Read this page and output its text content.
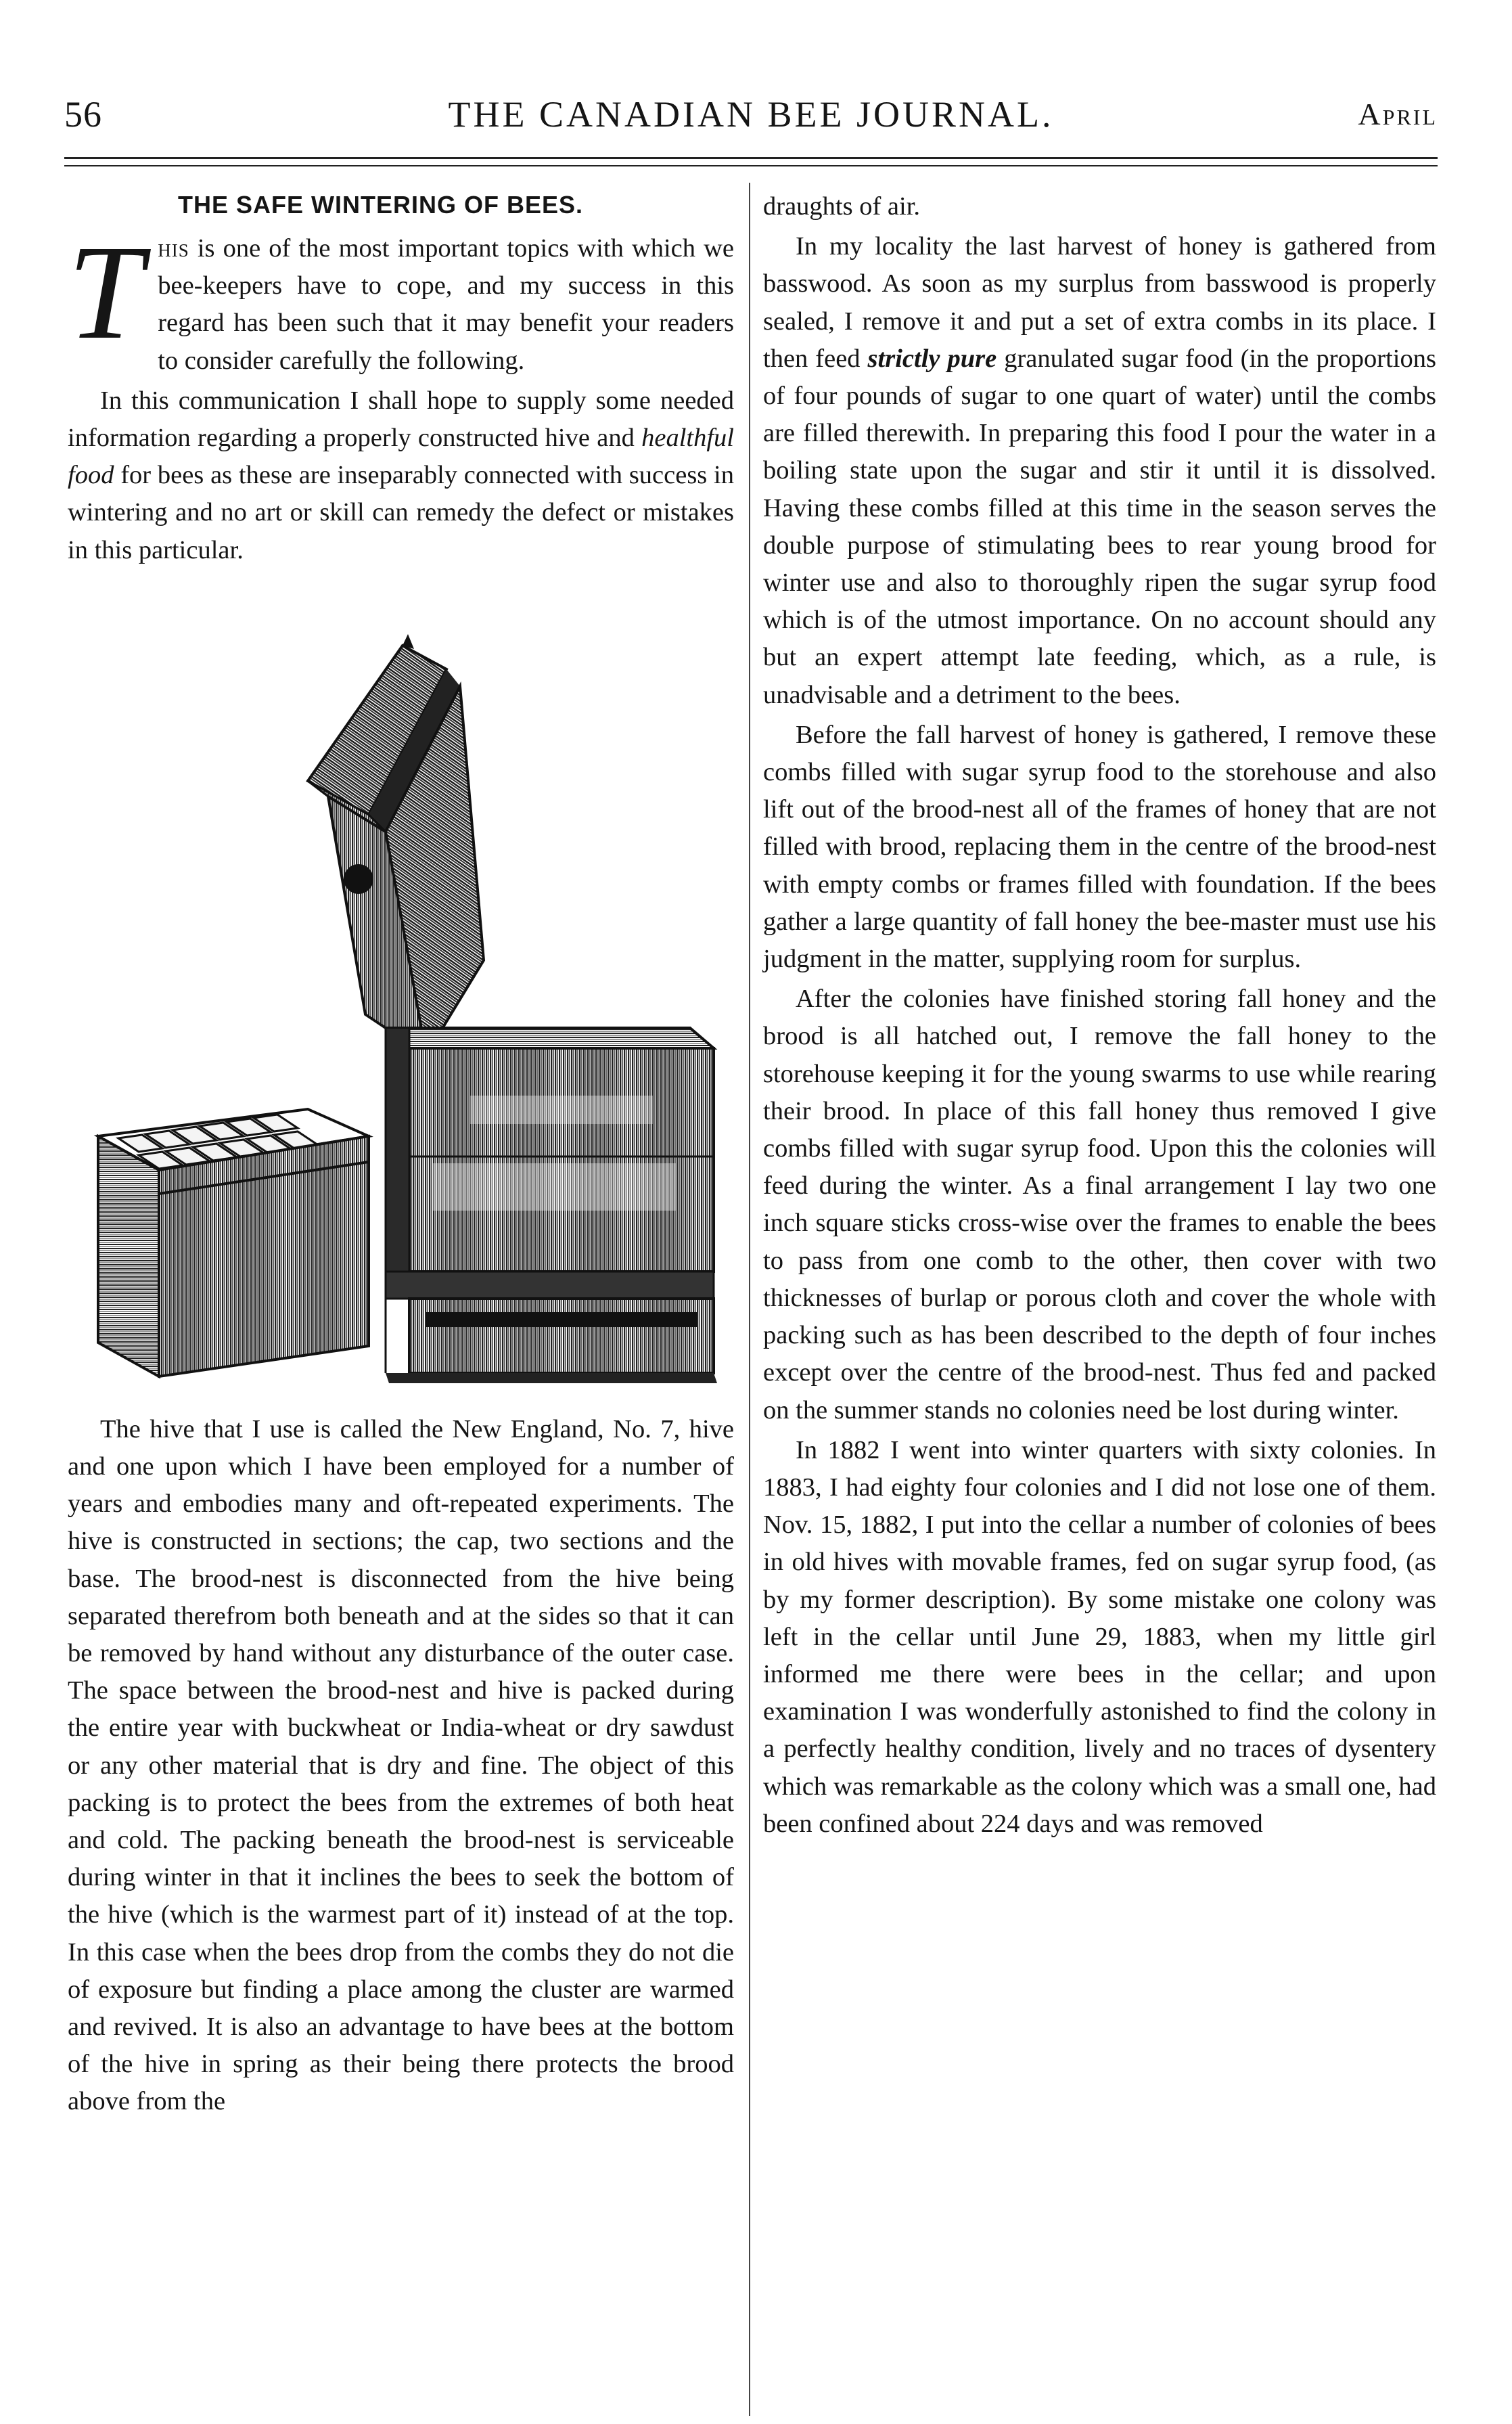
56	THE CANADIAN BEE JOURNAL.	April
THE SAFE WINTERING OF BEES.

This is one of the most important topics with which we bee-keepers have to cope, and my success in this regard has been such that it may benefit your readers to consider carefully the following.

In this communication I shall hope to supply some needed information regarding a properly constructed hive and healthful food for bees as these are inseparably connected with success in wintering and no art or skill can remedy the defect or mistakes in this particular.

The hive that I use is called the New England, No. 7, hive and one upon which I have been employed for a number of years and embodies many and oft-repeated experiments. The hive is constructed in sections; the cap, two sections and the base. The brood-nest is disconnected from the hive being separated therefrom both beneath and at the sides so that it can be removed by hand without any disturbance of the outer case. The space between the brood-nest and hive is packed during the entire year with buckwheat or India-wheat or dry sawdust or any other material that is dry and fine. The object of this packing is to protect the bees from the extremes of both heat and cold. The packing beneath the brood-nest is serviceable during winter in that it inclines the bees to seek the bottom of the hive (which is the warmest part of it) instead of at the top. In this case when the bees drop from the combs they do not die of exposure but finding a place among the cluster are warmed and revived. It is also an advantage to have bees at the bottom of the hive in spring as their being there protects the brood above from the

draughts of air.

In my locality the last harvest of honey is gathered from basswood. As soon as my surplus from basswood is properly sealed, I remove it and put a set of extra combs in its place. I then feed strictly pure granulated sugar food (in the proportions of four pounds of sugar to one quart of water) until the combs are filled therewith. In preparing this food I pour the water in a boiling state upon the sugar and stir it until it is dissolved. Having these combs filled at this time in the season serves the double purpose of stimulating bees to rear young brood for winter use and also to thoroughly ripen the sugar syrup food which is of the utmost importance. On no account should any but an expert attempt late feeding, which, as a rule, is unadvisable and a detriment to the bees.

Before the fall harvest of honey is gathered, I remove these combs filled with sugar syrup food to the storehouse and also lift out of the brood-nest all of the frames of honey that are not filled with brood, replacing them in the centre of the brood-nest with empty combs or frames filled with foundation. If the bees gather a large quantity of fall honey the bee-master must use his judgment in the matter, supplying room for surplus.

After the colonies have finished storing fall honey and the brood is all hatched out, I remove the fall honey to the storehouse keeping it for the young swarms to use while rearing their brood. In place of this fall honey thus removed I give combs filled with sugar syrup food. Upon this the colonies will feed during the winter. As a final arrangement I lay two one inch square sticks cross-wise over the frames to enable the bees to pass from one comb to the other, then cover with two thicknesses of burlap or porous cloth and cover the whole with packing such as has been described to the depth of four inches except over the centre of the brood-nest. Thus fed and packed on the summer stands no colonies need be lost during winter.

In 1882 I went into winter quarters with sixty colonies. In 1883, I had eighty four colonies and I did not lose one of them. Nov. 15, 1882, I put into the cellar a number of colonies of bees in old hives with movable frames, fed on sugar syrup food, (as by my former description). By some mistake one colony was left in the cellar until June 29, 1883, when my little girl informed me there were bees in the cellar; and upon examination I was wonderfully astonished to find the colony in a perfectly healthy condition, lively and no traces of dysentery which was remarkable as the colony which was a small one, had been confined about 224 days and was removed
